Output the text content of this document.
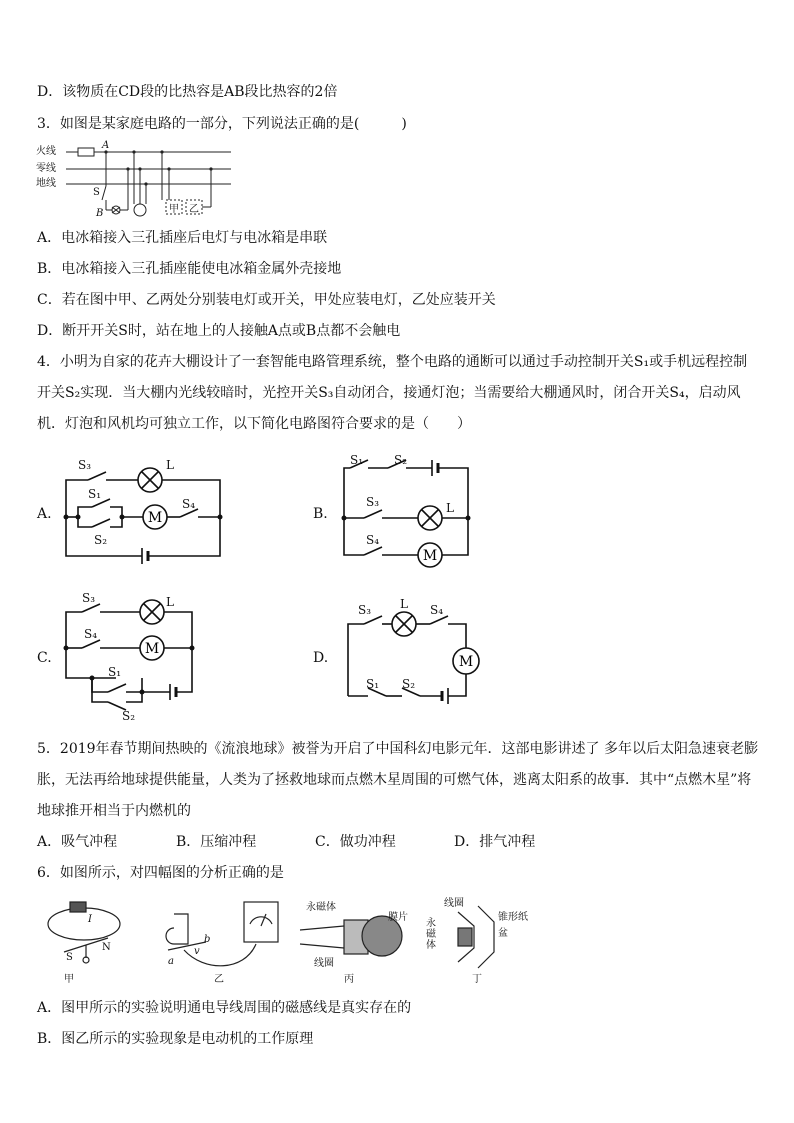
D．该物质在CD段的比热容是AB段比热容的2倍
3．如图是某家庭电路的一部分，下列说法正确的是(　　　)
火线
零线
地线
A
B
S
甲 乙
A．电冰箱接入三孔插座后电灯与电冰箱是串联
B．电冰箱接入三孔插座能使电冰箱金属外壳接地
C．若在图中甲、乙两处分别装电灯或开关，甲处应装电灯，乙处应装开关
D．断开开关S时，站在地上的人接触A点或B点都不会触电
4．小明为自家的花卉大棚设计了一套智能电路管理系统，整个电路的通断可以通过手动控制开关S₁或手机远程控制
开关S₂实现．当大棚内光线较暗时，光控开关S₃自动闭合，接通灯泡；当需要给大棚通风时，闭合开关S₄，启动风
机．灯泡和风机均可独立工作，以下简化电路图符合要求的是（　　）
A.	M
S₃	L
S₁
S₂
S₄
B.
M
S₁	S₂
S₃	L
S₄
C.
M
S₃	L
S₄
S₁
S₂
D.	M
S₃ L S₄
S₁ S₂
5．2019年春节期间热映的《流浪地球》被誉为开启了中国科幻电影元年．这部电影讲述了 多年以后太阳急速衰老膨
胀，无法再给地球提供能量，人类为了拯救地球而点燃木星周围的可燃气体，逃离太阳系的故事．其中“点燃木星”将
地球推开相当于内燃机的
A．吸气冲程	B．压缩冲程	C．做功冲程	D．排气冲程
6．如图所示，对四幅图的分析正确的是
甲	乙	丙	丁
永磁体
膜片
线圈
锥形纸盆
线圈
永磁体
N
S
I
v
a
b
A．图甲所示的实验说明通电导线周围的磁感线是真实存在的
B．图乙所示的实验现象是电动机的工作原理
